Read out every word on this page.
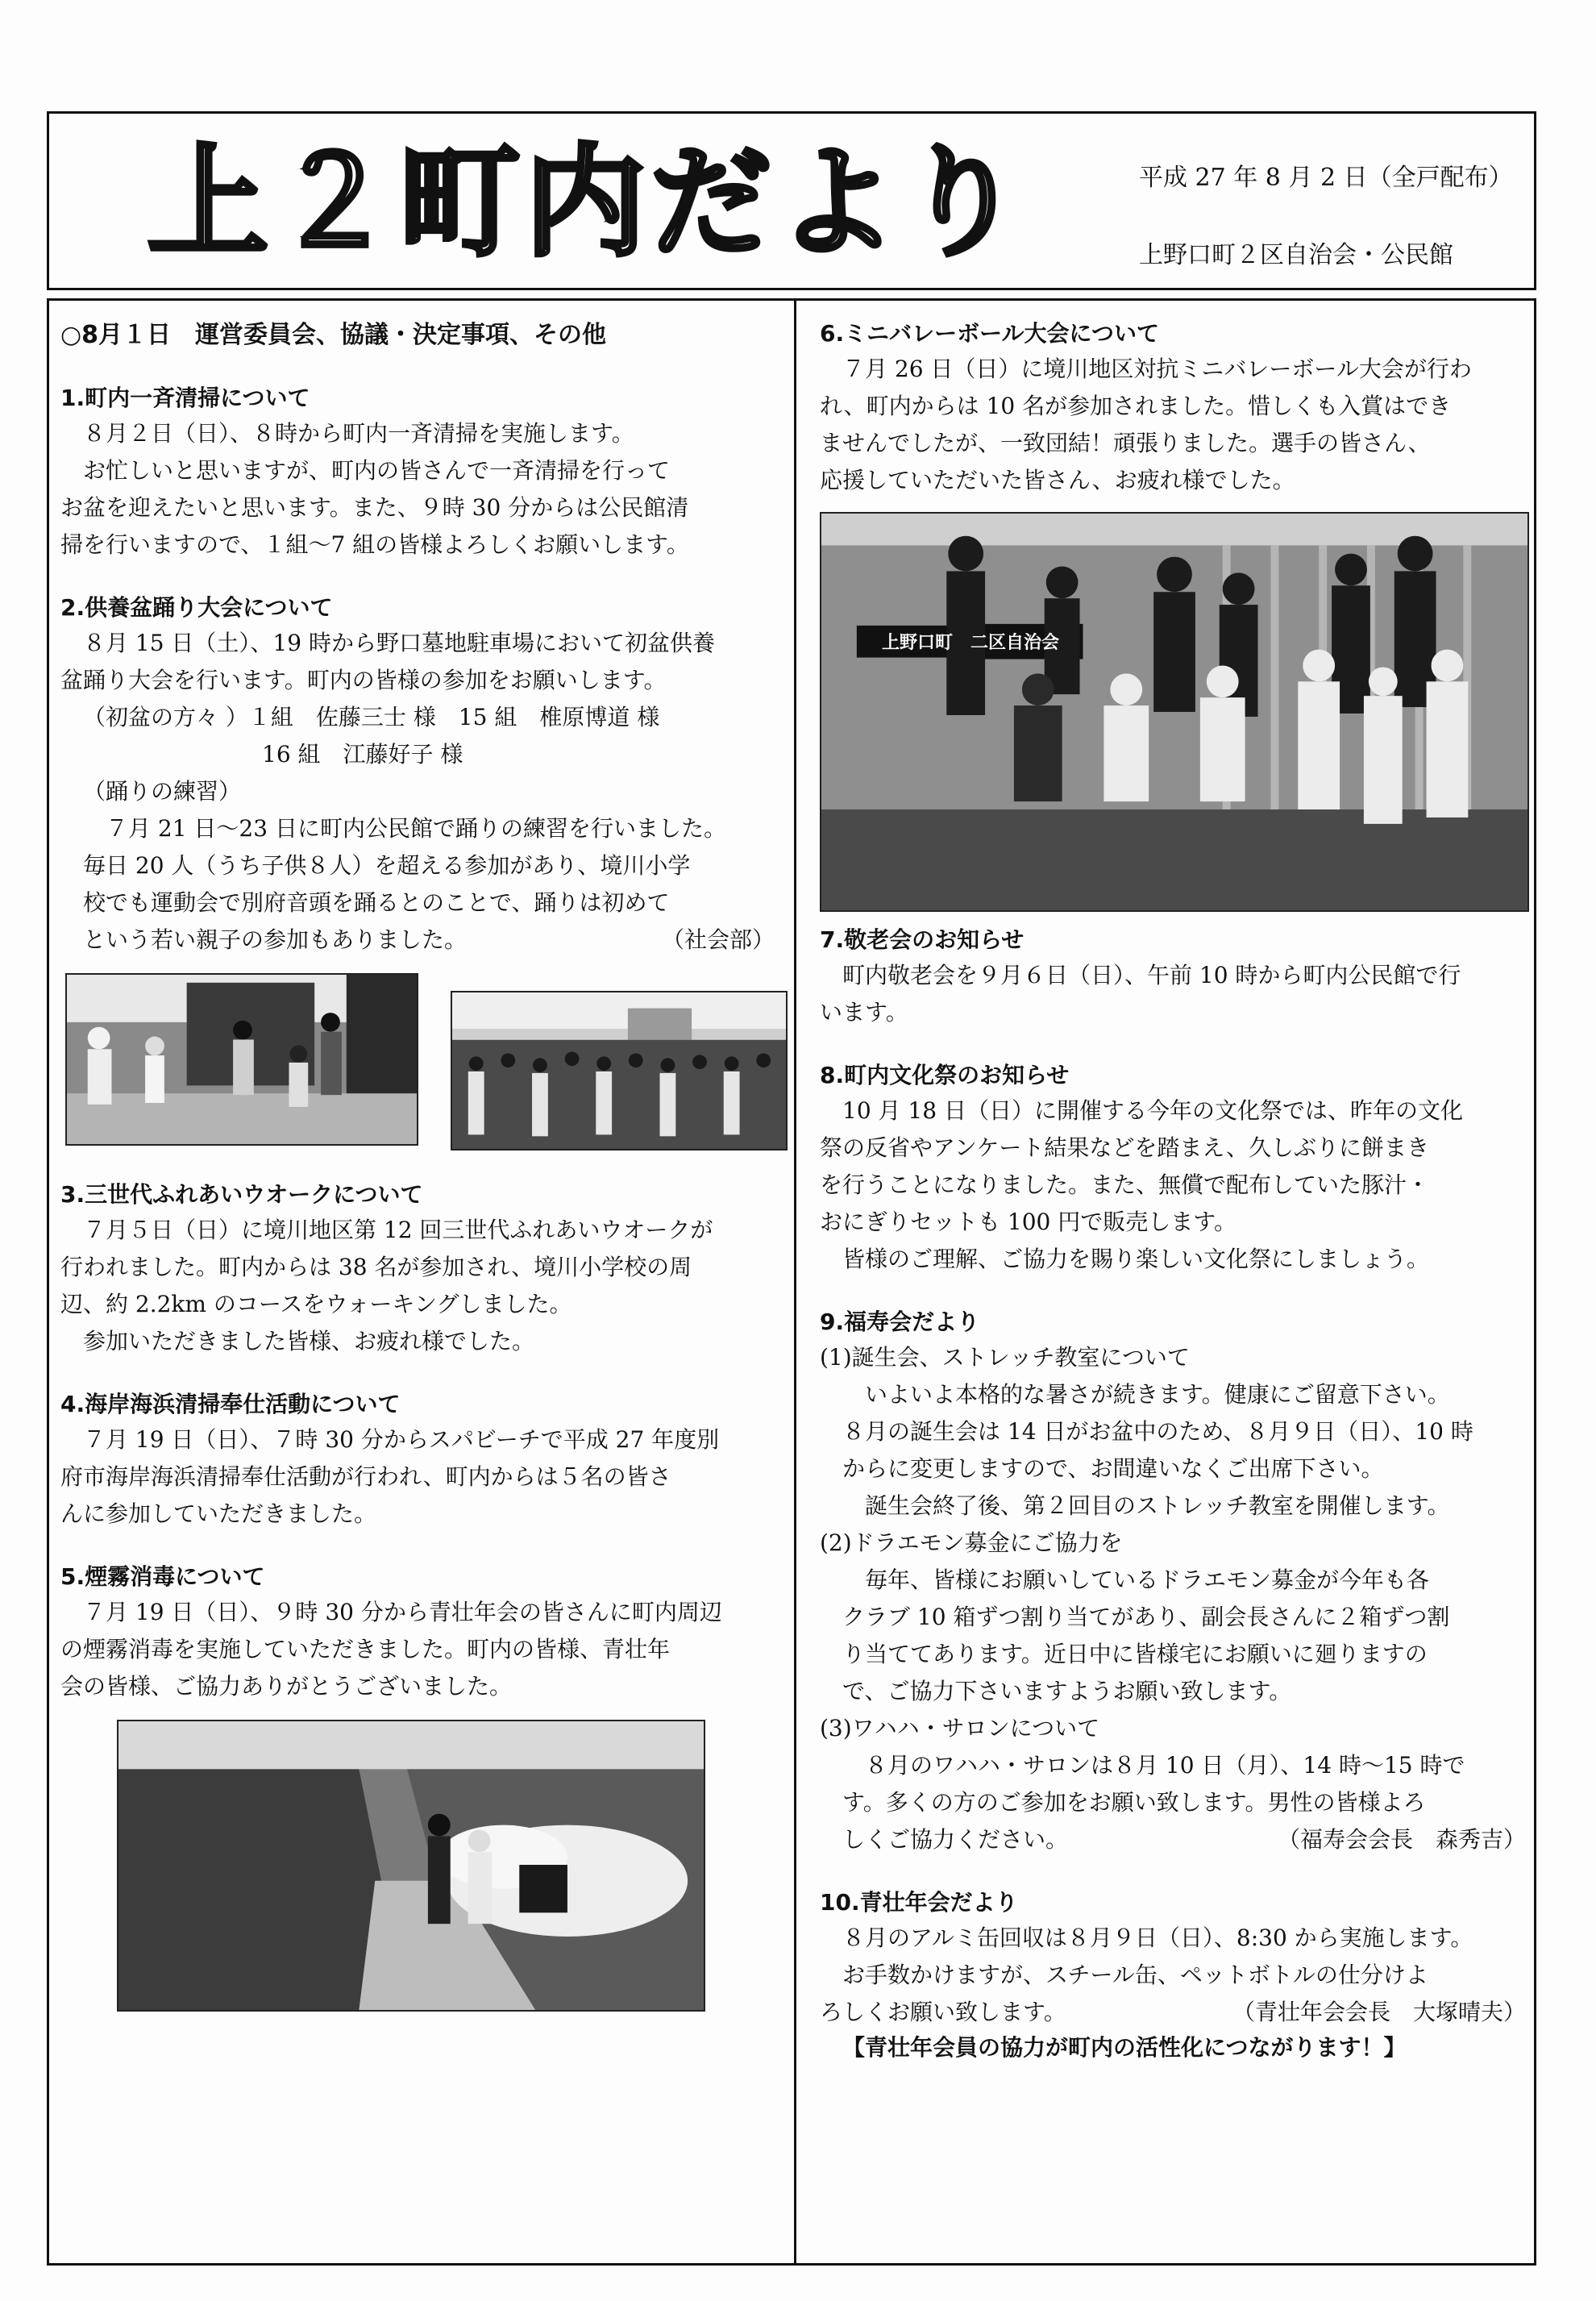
上２町内だより	平成 27 年 8 月 2 日（全戸配布）
上野口町２区自治会・公民館
○8月１日　運営委員会、協議・決定事項、その他
1.町内一斉清掃について
８月２日（日）、８時から町内一斉清掃を実施します。
お忙しいと思いますが、町内の皆さんで一斉清掃を行って
お盆を迎えたいと思います。また、９時 30 分からは公民館清
掃を行いますので、１組～7 組の皆様よろしくお願いします。
2.供養盆踊り大会について
８月 15 日（土）、19 時から野口墓地駐車場において初盆供養
盆踊り大会を行います。町内の皆様の参加をお願いします。
（初盆の方々 ）１組　佐藤三士 様　15 組　椎原博道 様
16 組　江藤好子 様
（踊りの練習）
７月 21 日～23 日に町内公民館で踊りの練習を行いました。
毎日 20 人（うち子供８人）を超える参加があり、境川小学
校でも運動会で別府音頭を踊るとのことで、踊りは初めて
という若い親子の参加もありました。	（社会部）
3.三世代ふれあいウオークについて
７月５日（日）に境川地区第 12 回三世代ふれあいウオークが
行われました。町内からは 38 名が参加され、境川小学校の周
辺、約 2.2km のコースをウォーキングしました。
参加いただきました皆様、お疲れ様でした。
4.海岸海浜清掃奉仕活動について
７月 19 日（日）、７時 30 分からスパビーチで平成 27 年度別
府市海岸海浜清掃奉仕活動が行われ、町内からは５名の皆さ
んに参加していただきました。
5.煙霧消毒について
７月 19 日（日）、９時 30 分から青壮年会の皆さんに町内周辺
の煙霧消毒を実施していただきました。町内の皆様、青壮年
会の皆様、ご協力ありがとうございました。
6.ミニバレーボール大会について
７月 26 日（日）に境川地区対抗ミニバレーボール大会が行わ
れ、町内からは 10 名が参加されました。惜しくも入賞はでき
ませんでしたが、一致団結！頑張りました。選手の皆さん、
応援していただいた皆さん、お疲れ様でした。
上野口町　二区自治会
7.敬老会のお知らせ
町内敬老会を９月６日（日）、午前 10 時から町内公民館で行
います。
8.町内文化祭のお知らせ
10 月 18 日（日）に開催する今年の文化祭では、昨年の文化
祭の反省やアンケート結果などを踏まえ、久しぶりに餅まき
を行うことになりました。また、無償で配布していた豚汁・
おにぎりセットも 100 円で販売します。
皆様のご理解、ご協力を賜り楽しい文化祭にしましょう。
9.福寿会だより
(1)誕生会、ストレッチ教室について
いよいよ本格的な暑さが続きます。健康にご留意下さい。
８月の誕生会は 14 日がお盆中のため、８月９日（日）、10 時
からに変更しますので、お間違いなくご出席下さい。
誕生会終了後、第２回目のストレッチ教室を開催します。
(2)ドラエモン募金にご協力を
毎年、皆様にお願いしているドラエモン募金が今年も各
クラブ 10 箱ずつ割り当てがあり、副会長さんに２箱ずつ割
り当ててあります。近日中に皆様宅にお願いに廻りますの
で、ご協力下さいますようお願い致します。
(3)ワハハ・サロンについて
８月のワハハ・サロンは８月 10 日（月）、14 時～15 時で
す。多くの方のご参加をお願い致します。男性の皆様よろ
しくご協力ください。	（福寿会会長　森秀吉）
10.青壮年会だより
８月のアルミ缶回収は８月９日（日）、8:30 から実施します。
お手数かけますが、スチール缶、ペットボトルの仕分けよ
ろしくお願い致します。	（青壮年会会長　大塚晴夫）
【青壮年会員の協力が町内の活性化につながります！】
